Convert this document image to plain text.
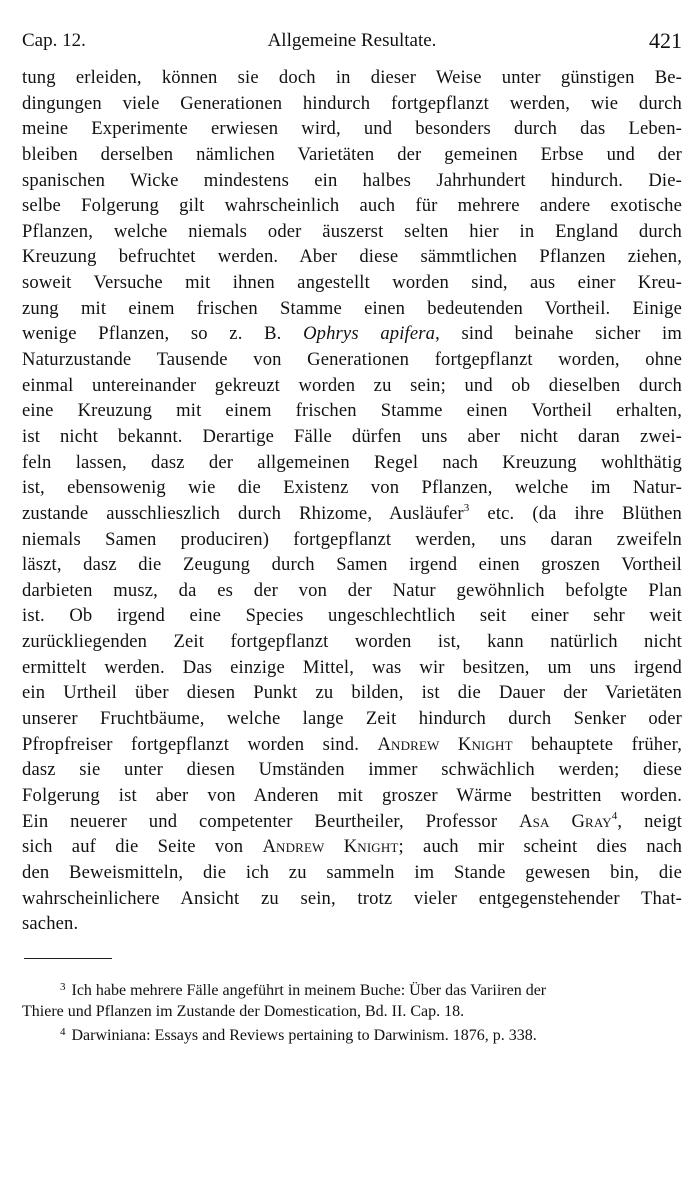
Cap. 12.	Allgemeine Resultate.	421
tung erleiden, können sie doch in dieser Weise unter günstigen Be-
dingungen viele Generationen hindurch fortgepflanzt werden, wie durch
meine Experimente erwiesen wird, und besonders durch das Leben-
bleiben derselben nämlichen Varietäten der gemeinen Erbse und der
spanischen Wicke mindestens ein halbes Jahrhundert hindurch. Die-
selbe Folgerung gilt wahrscheinlich auch für mehrere andere exotische
Pflanzen, welche niemals oder äuszerst selten hier in England durch
Kreuzung befruchtet werden. Aber diese sämmtlichen Pflanzen ziehen,
soweit Versuche mit ihnen angestellt worden sind, aus einer Kreu-
zung mit einem frischen Stamme einen bedeutenden Vortheil. Einige
wenige Pflanzen, so z. B. Ophrys apifera, sind beinahe sicher im
Naturzustande Tausende von Generationen fortgepflanzt worden, ohne
einmal untereinander gekreuzt worden zu sein; und ob dieselben durch
eine Kreuzung mit einem frischen Stamme einen Vortheil erhalten,
ist nicht bekannt. Derartige Fälle dürfen uns aber nicht daran zwei-
feln lassen, dasz der allgemeinen Regel nach Kreuzung wohlthätig
ist, ebensowenig wie die Existenz von Pflanzen, welche im Natur-
zustande ausschlieszlich durch Rhizome, Ausläufer$^3$ etc. (da ihre Blüthen
niemals Samen produciren) fortgepflanzt werden, uns daran zweifeln
läszt, dasz die Zeugung durch Samen irgend einen groszen Vortheil
darbieten musz, da es der von der Natur gewöhnlich befolgte Plan
ist. Ob irgend eine Species ungeschlechtlich seit einer sehr weit
zurückliegenden Zeit fortgepflanzt worden ist, kann natürlich nicht
ermittelt werden. Das einzige Mittel, was wir besitzen, um uns irgend
ein Urtheil über diesen Punkt zu bilden, ist die Dauer der Varietäten
unserer Fruchtbäume, welche lange Zeit hindurch durch Senker oder
Pfropfreiser fortgepflanzt worden sind. Andrew Knight behauptete früher,
dasz sie unter diesen Umständen immer schwächlich werden; diese
Folgerung ist aber von Anderen mit groszer Wärme bestritten worden.
Ein neuerer und competenter Beurtheiler, Professor Asa Gray$^4$, neigt
sich auf die Seite von Andrew Knight; auch mir scheint dies nach
den Beweismitteln, die ich zu sammeln im Stande gewesen bin, die
wahrscheinlichere Ansicht zu sein, trotz vieler entgegenstehender That-
sachen.
3 Ich habe mehrere Fälle angeführt in meinem Buche: Über das Variiren der
Thiere und Pflanzen im Zustande der Domestication, Bd. II. Cap. 18.
4 Darwiniana: Essays and Reviews pertaining to Darwinism. 1876, p. 338.
